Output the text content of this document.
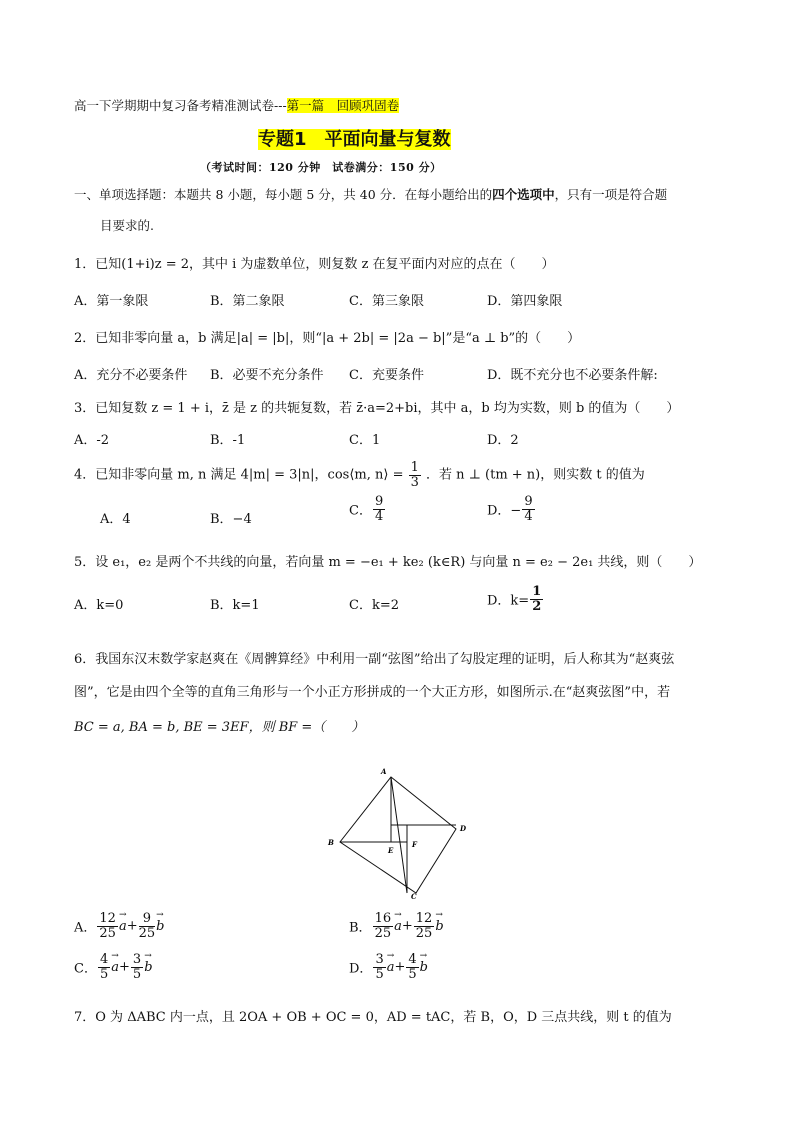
高一下学期期中复习备考精准测试卷---第一篇　回顾巩固卷
专题1　平面向量与复数
（考试时间：120 分钟　试卷满分：150 分）
一、单项选择题：本题共 8 小题，每小题 5 分，共 40 分．在每小题给出的四个选项中，只有一项是符合题
目要求的.
1．已知(1+i)z = 2，其中 i 为虚数单位，则复数 z 在复平面内对应的点在（　　）
A．第一象限	B．第二象限	C．第三象限	D．第四象限
2．已知非零向量 a，b 满足|a| = |b|，则“|a + 2b| = |2a − b|”是“a ⊥ b”的（　　）
A．充分不必要条件 B．必要不充分条件 C．充要条件	D．既不充分也不必要条件解:
3．已知复数 z = 1 + i，z̄ 是 z 的共轭复数，若 z̄·a=2+bi，其中 a，b 均为实数，则 b 的值为（　　）
A．-2	B．-1	C．1	D．2
4．已知非零向量 m, n 满足 4|m| = 3|n|，cos⟨m, n⟩ = $\frac{1}{3}$ ．若 n ⊥ (tm + n)，则实数 t 的值为
A．4	B．−4
C． $\frac{9}{4}$	D．− $\frac{9}{4}$
5．设 e₁，e₂ 是两个不共线的向量，若向量 m = −e₁ + ke₂ (k∈R) 与向量 n = e₂ − 2e₁ 共线，则（　　）
A．k=0	B．k=1	C．k=2	D．$k= \frac{1}{2}$
6．我国东汉末数学家赵爽在《周髀算经》中利用一副“弦图”给出了勾股定理的证明，后人称其为“赵爽弦
图”，它是由四个全等的直角三角形与一个小正方形拼成的一个大正方形，如图所示.在“赵爽弦图”中，若
BC = a, BA = b, BE = 3EF，则 BF =（　　）
A
B
C
D
E
F
A． $\frac{12}{25}$
→ $a+ \frac{9}{25}$
→ b	B． $\frac{16}{25}$
→ $a+ \frac{12}{25}$
→ b
C． $\frac{4}{5}$
→ $a+ \frac{3}{5}$
→ b	D． $\frac{3}{5}$
→ $a+ \frac{4}{5}$
→ b
7．O 为 ΔABC 内一点，且 2OA + OB + OC = 0，AD = tAC，若 B，O，D 三点共线，则 t 的值为
